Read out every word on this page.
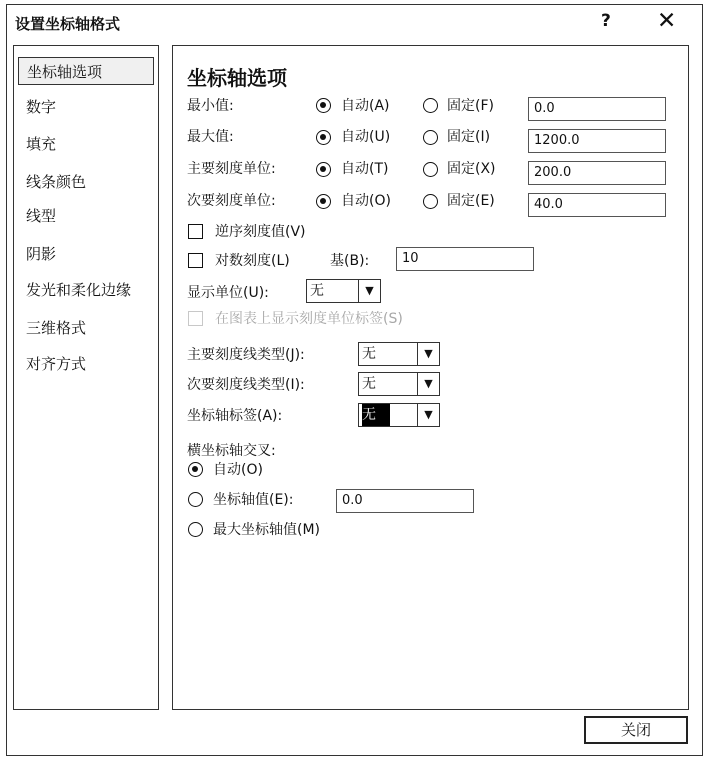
设置坐标轴格式	? ✕
坐标轴选项
数字
填充
线条颜色
线型
阴影
发光和柔化边缘
三维格式
对齐方式
坐标轴选项
最小值:	自动(A)	固定(F)	0.0
最大值:	自动(U)	固定(I)	1200.0
主要刻度单位:	自动(T)	固定(X)	200.0
次要刻度单位:	自动(O)	固定(E)	40.0
逆序刻度值(V)
对数刻度(L)	基(B):	10
显示单位(U):	无	▼
在图表上显示刻度单位标签(S)
主要刻度线类型(J):	无	▼
次要刻度线类型(I):	无	▼
坐标轴标签(A):	无	▼
横坐标轴交叉:
自动(O)
坐标轴值(E):	0.0
最大坐标轴值(M)
关闭
